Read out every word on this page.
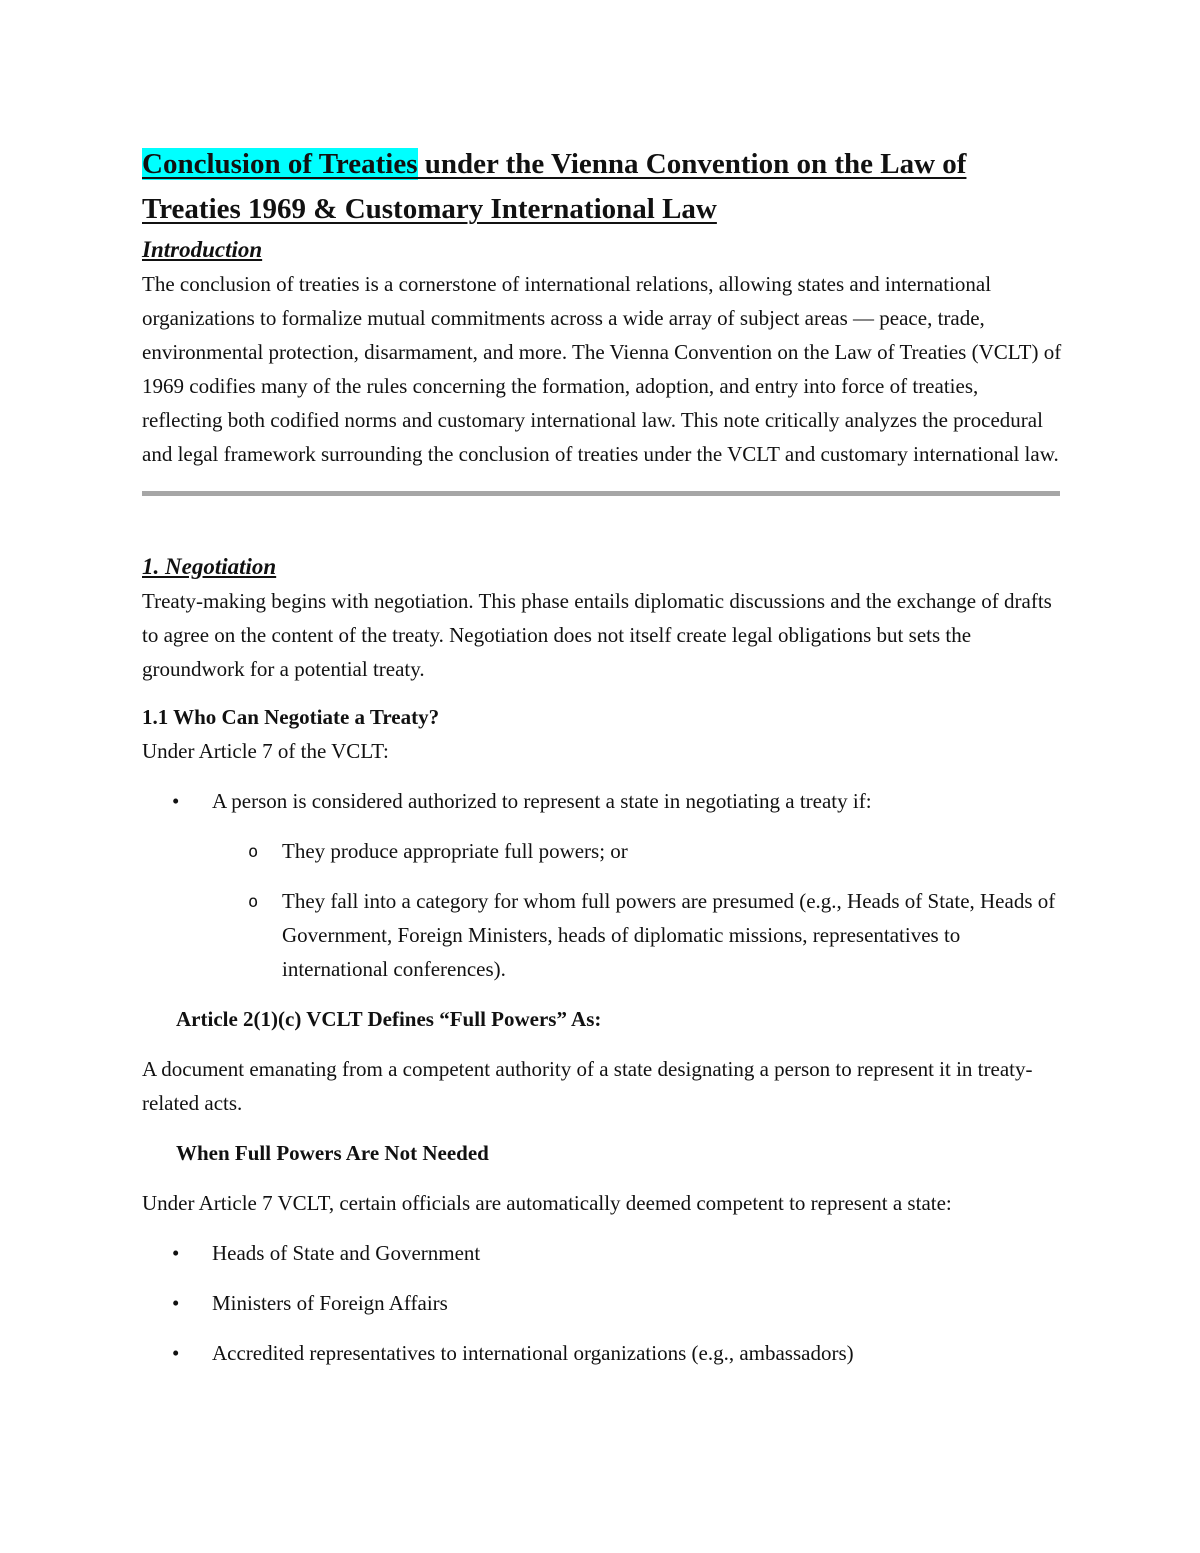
Conclusion of Treaties under the Vienna Convention on the Law of Treaties 1969 & Customary International Law
Introduction

The conclusion of treaties is a cornerstone of international relations, allowing states and international organizations to formalize mutual commitments across a wide array of subject areas — peace, trade, environmental protection, disarmament, and more. The Vienna Convention on the Law of Treaties (VCLT) of 1969 codifies many of the rules concerning the formation, adoption, and entry into force of treaties, reflecting both codified norms and customary international law. This note critically analyzes the procedural and legal framework surrounding the conclusion of treaties under the VCLT and customary international law.

1. Negotiation

Treaty-making begins with negotiation. This phase entails diplomatic discussions and the exchange of drafts to agree on the content of the treaty. Negotiation does not itself create legal obligations but sets the groundwork for a potential treaty.

1.1 Who Can Negotiate a Treaty?

Under Article 7 of the VCLT:

• A person is considered authorized to represent a state in negotiating a treaty if:
o They produce appropriate full powers; or
o They fall into a category for whom full powers are presumed (e.g., Heads of State, Heads of Government, Foreign Ministers, heads of diplomatic missions, representatives to international conferences).
Article 2(1)(c) VCLT Defines “Full Powers” As:

A document emanating from a competent authority of a state designating a person to represent it in treaty-related acts.

When Full Powers Are Not Needed

Under Article 7 VCLT, certain officials are automatically deemed competent to represent a state:

• Heads of State and Government
• Ministers of Foreign Affairs
• Accredited representatives to international organizations (e.g., ambassadors)
